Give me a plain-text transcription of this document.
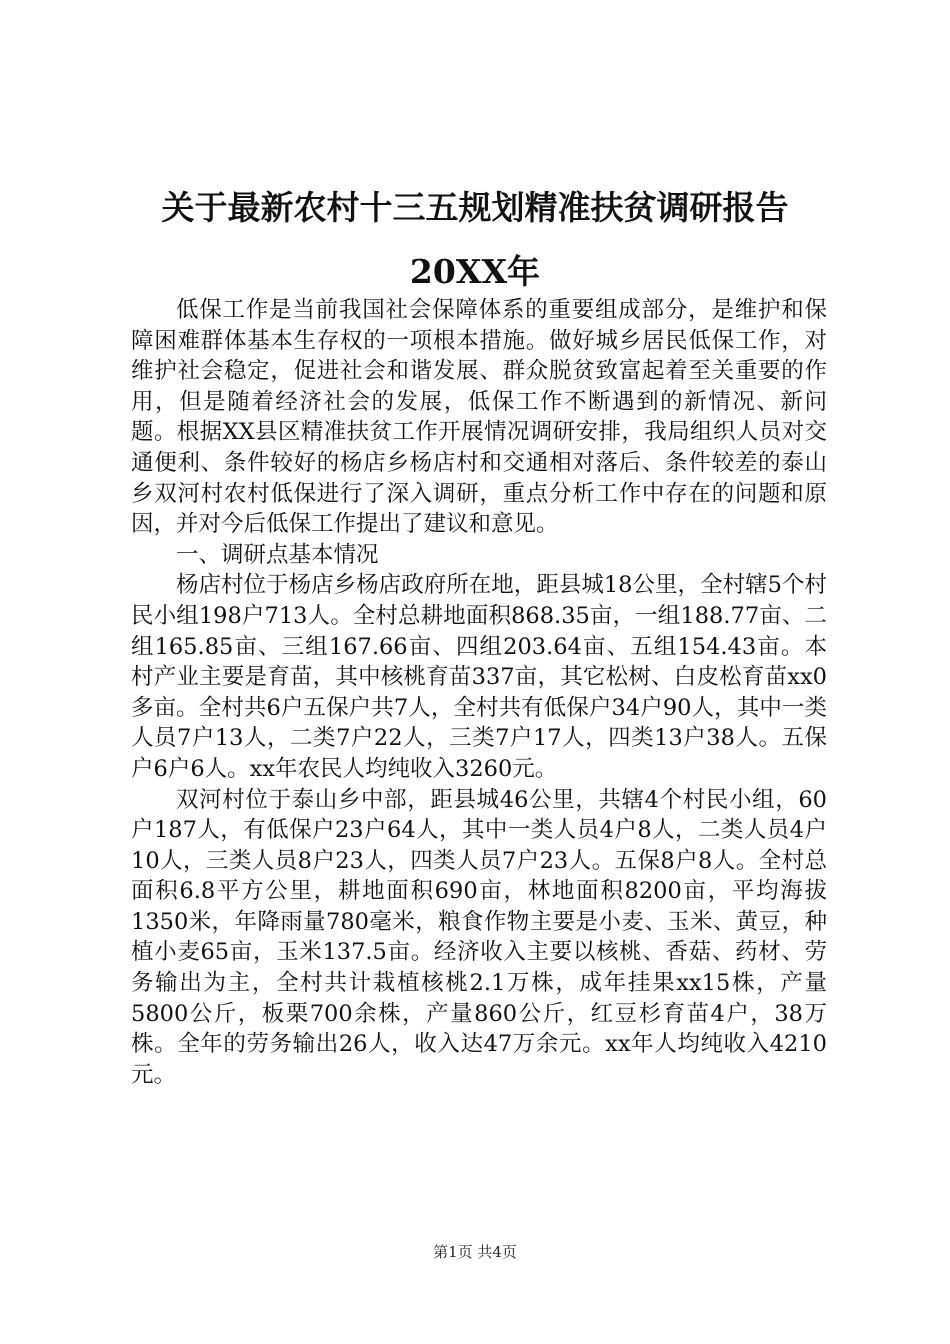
关于最新农村十三五规划精准扶贫调研报告
20XX年

低保工作是当前我国社会保障体系的重要组成部分，是维护和保障困难群体基本生存权的一项根本措施。做好城乡居民低保工作，对维护社会稳定，促进社会和谐发展、群众脱贫致富起着至关重要的作用，但是随着经济社会的发展，低保工作不断遇到的新情况、新问题。根据XX县区精准扶贫工作开展情况调研安排，我局组织人员对交通便利、条件较好的杨店乡杨店村和交通相对落后、条件较差的泰山乡双河村农村低保进行了深入调研，重点分析工作中存在的问题和原因，并对今后低保工作提出了建议和意见。

一、调研点基本情况

杨店村位于杨店乡杨店政府所在地，距县城18公里，全村辖5个村民小组198户713人。全村总耕地面积868.35亩，一组188.77亩、二组165.85亩、三组167.66亩、四组203.64亩、五组154.43亩。本村产业主要是育苗，其中核桃育苗337亩，其它松树、白皮松育苗xx0多亩。全村共6户五保户共7人，全村共有低保户34户90人，其中一类人员7户13人，二类7户22人，三类7户17人，四类13户38人。五保户6户6人。xx年农民人均纯收入3260元。

双河村位于泰山乡中部，距县城46公里，共辖4个村民小组，60户187人，有低保户23户64人，其中一类人员4户8人，二类人员4户10人，三类人员8户23人，四类人员7户23人。五保8户8人。全村总面积6.8平方公里，耕地面积690亩，林地面积8200亩，平均海拔1350米，年降雨量780毫米，粮食作物主要是小麦、玉米、黄豆，种植小麦65亩，玉米137.5亩。经济收入主要以核桃、香菇、药材、劳务输出为主，全村共计栽植核桃2.1万株，成年挂果xx15株，产量5800公斤，板栗700余株，产量860公斤，红豆杉育苗4户，38万株。全年的劳务输出26人，收入达47万余元。xx年人均纯收入4210元。

第1页 共4页
